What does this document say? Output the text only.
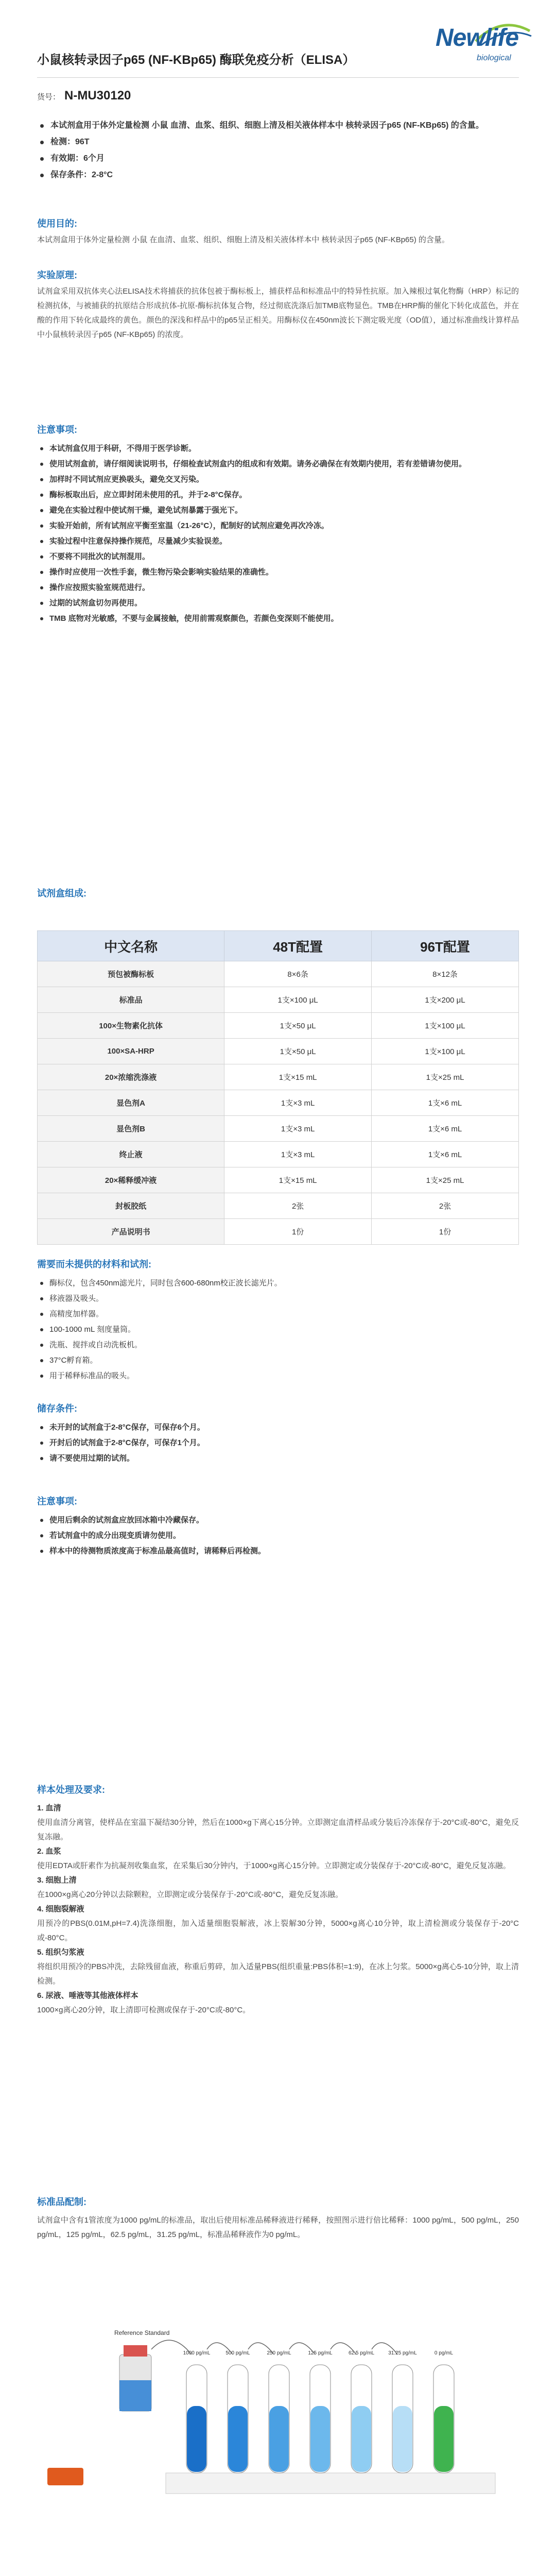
小鼠核转录因子p65 (NF-KBp65) 酶联免疫分析（ELISA）
Newlife
biological
货号： N-MU30120
本试剂盒用于体外定量检测 小鼠 血清、血浆、组织、细胞上清及相关液体样本中 核转录因子p65 (NF-KBp65) 的含量。
检测：96T
有效期：6个月
保存条件：2-8°C
使用目的:
本试剂盒用于体外定量检测 小鼠 在血清、血浆、组织、细胞上清及相关液体样本中 核转录因子p65 (NF-KBp65) 的含量。
实验原理:
试剂盒采用双抗体夹心法ELISA技术将捕获的抗体包被于酶标板上，捕获样品和标准品中的特异性抗原。加入辣根过氧化物酶（HRP）标记的检测抗体，与被捕获的抗原结合形成抗体-抗原-酶标抗体复合物，经过彻底洗涤后加TMB底物显色。TMB在HRP酶的催化下转化成蓝色，并在酸的作用下转化成最终的黄色。颜色的深浅和样品中的p65呈正相关。用酶标仪在450nm波长下测定吸光度（OD值），通过标准曲线计算样品中小鼠核转录因子p65 (NF-KBp65) 的浓度。
注意事项:
本试剂盒仅用于科研，不得用于医学诊断。
使用试剂盒前，请仔细阅读说明书，仔细检查试剂盒内的组成和有效期。请务必确保在有效期内使用，若有差错请勿使用。
加样时不同试剂应更换吸头，避免交叉污染。
酶标板取出后，应立即封闭未使用的孔，并于2-8°C保存。
避免在实验过程中使试剂干燥，避免试剂暴露于强光下。
实验开始前，所有试剂应平衡至室温（21-26°C），配制好的试剂应避免再次冷冻。
实验过程中注意保持操作规范，尽量减少实验误差。
不要将不同批次的试剂混用。
操作时应使用一次性手套，微生物污染会影响实验结果的准确性。
操作应按照实验室规范进行。
过期的试剂盒切勿再使用。
TMB 底物对光敏感，不要与金属接触，使用前需观察颜色，若颜色变深则不能使用。
试剂盒组成:
中文名称	48T配置	96T配置
预包被酶标板	8×6条	8×12条
标准品	1支×100 μL	1支×200 μL
100×生物素化抗体	1支×50 μL	1支×100 μL
100×SA-HRP	1支×50 μL	1支×100 μL
20×浓缩洗涤液	1支×15 mL	1支×25 mL
显色剂A	1支×3 mL	1支×6 mL
显色剂B	1支×3 mL	1支×6 mL
终止液	1支×3 mL	1支×6 mL
20×稀释缓冲液	1支×15 mL	1支×25 mL
封板胶纸	2张	2张
产品说明书	1份	1份
需要而未提供的材料和试剂:
酶标仪，包含450nm滤光片，同时包含600-680nm校正波长滤光片。
移液器及吸头。
高精度加样器。
100-1000 mL 刻度量筒。
洗瓶、搅拌或自动洗板机。
37°C孵育箱。
用于稀释标准品的吸头。
储存条件:
未开封的试剂盒于2-8°C保存，可保存6个月。
开封后的试剂盒于2-8°C保存，可保存1个月。
请不要使用过期的试剂。
注意事项:
使用后剩余的试剂盒应放回冰箱中冷藏保存。
若试剂盒中的成分出现变质请勿使用。
样本中的待测物质浓度高于标准品最高值时，请稀释后再检测。
样本处理及要求:
1. 血清
使用血清分离管，使样品在室温下凝结30分钟，然后在1000×g下离心15分钟。立即测定血清样品或分装后冷冻保存于-20°C或-80°C，避免反复冻融。
2. 血浆
使用EDTA或肝素作为抗凝剂收集血浆，在采集后30分钟内，于1000×g离心15分钟。立即测定或分装保存于-20°C或-80°C，避免反复冻融。
3. 细胞上清
在1000×g离心20分钟以去除颗粒，立即测定或分装保存于-20°C或-80°C，避免反复冻融。
4. 细胞裂解液
用预冷的PBS(0.01M,pH=7.4)洗涤细胞，加入适量细胞裂解液，冰上裂解30分钟，5000×g离心10分钟，取上清检测或分装保存于-20°C或-80°C。
5. 组织匀浆液
将组织用预冷的PBS冲洗，去除残留血液，称重后剪碎，加入适量PBS(组织重量:PBS体积=1:9)，在冰上匀浆。5000×g离心5-10分钟，取上清检测。
6. 尿液、唾液等其他液体样本
1000×g离心20分钟，取上清即可检测或保存于-20°C或-80°C。
标准品配制:
试剂盒中含有1管浓度为1000 pg/mL的标准品，取出后使用标准品稀释液进行稀释，按照图示进行倍比稀释：1000 pg/mL，500 pg/mL，250 pg/mL，125 pg/mL，62.5 pg/mL，31.25 pg/mL，标准品稀释液作为0 pg/mL。
Reference Standard
1000 pg/mL	500 pg/mL	250 pg/mL	125 pg/mL	62.5 pg/mL	31.25 pg/mL	0 pg/mL
